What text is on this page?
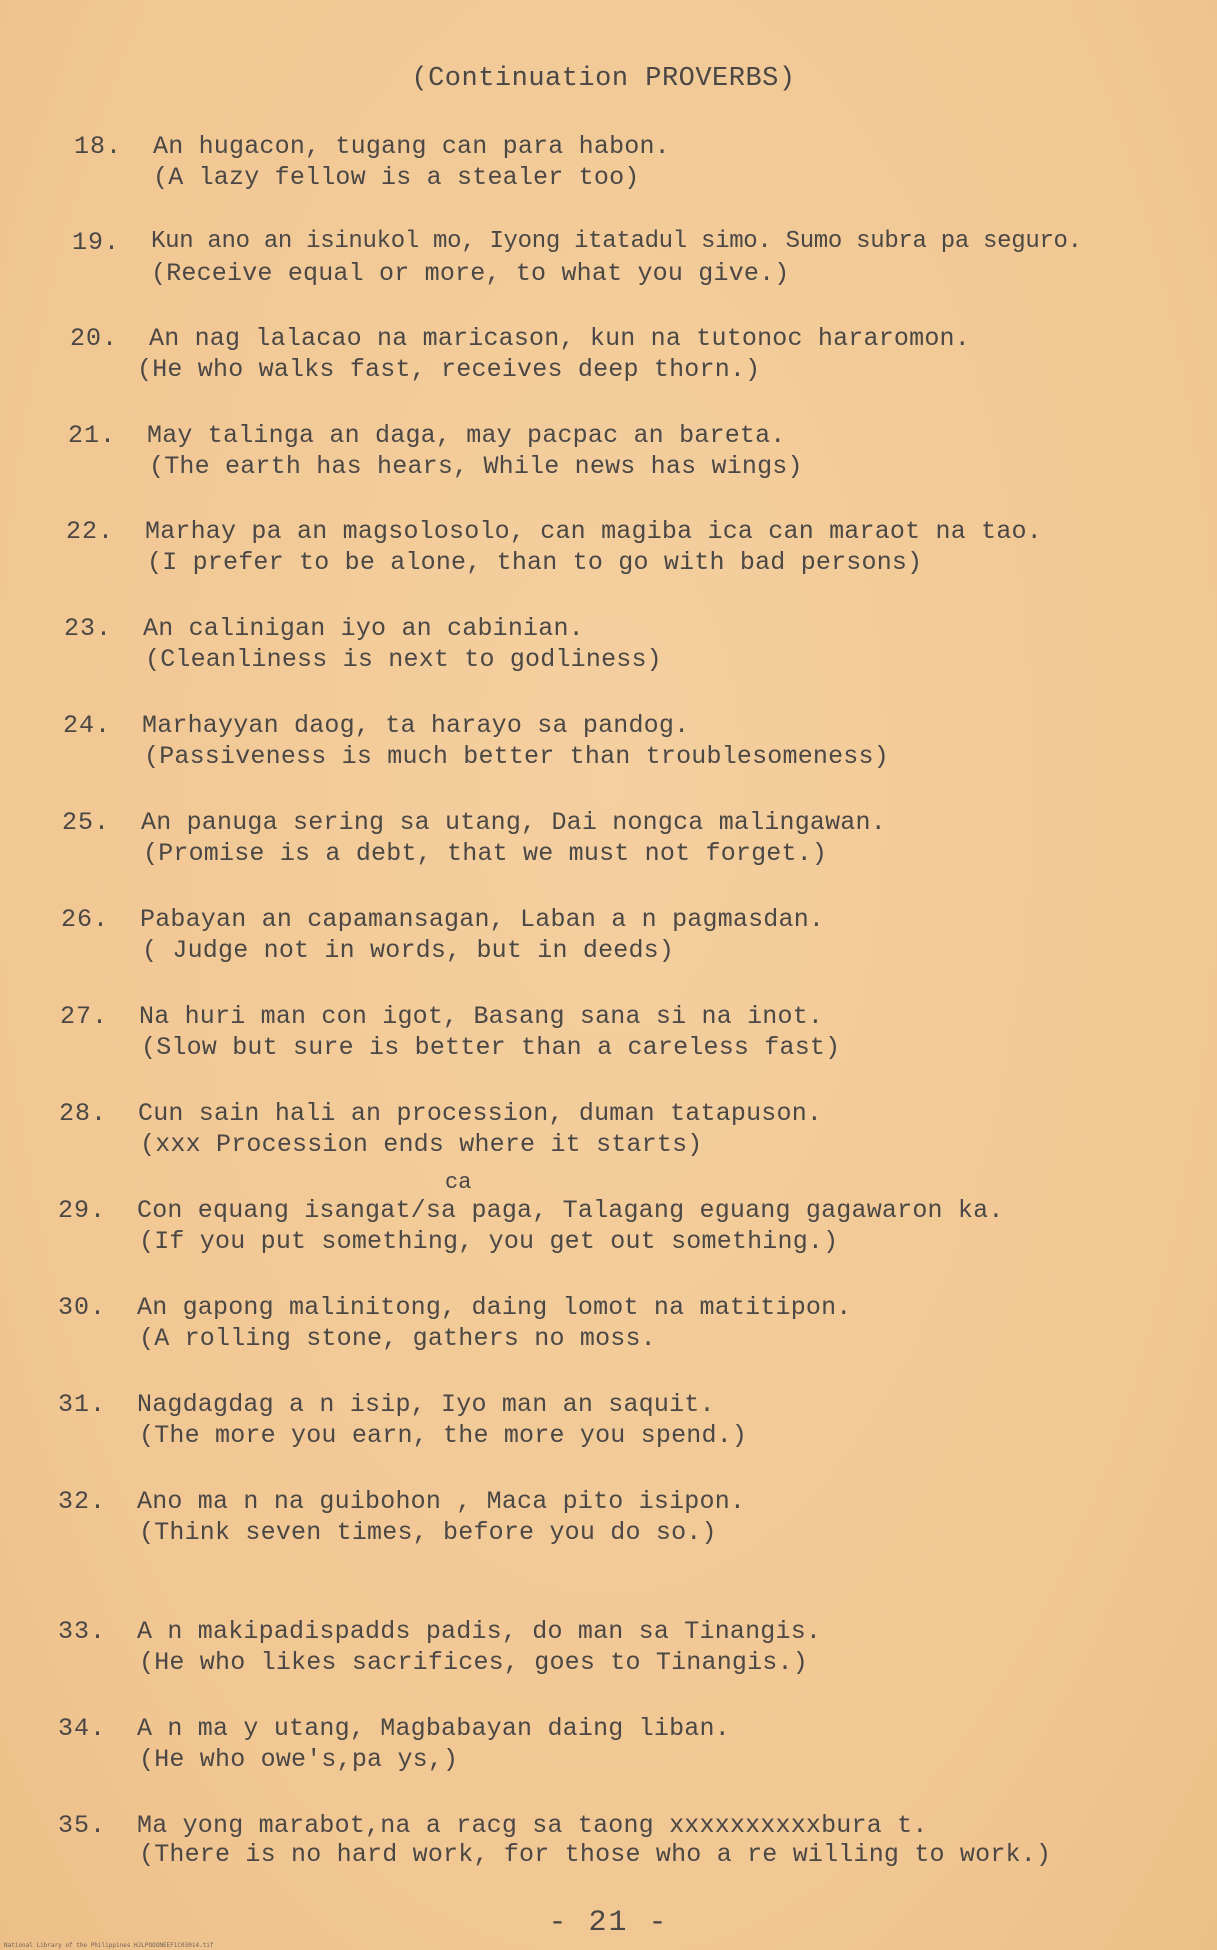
(Continuation PROVERBS)
18. An hugacon, tugang can para habon.
(A lazy fellow is a stealer too)
19. Kun ano an isinukol mo, Iyong itatadul simo. Sumo subra pa seguro.
(Receive equal or more, to what you give.)
20. An nag lalacao na maricason, kun na tutonoc hararomon.
(He who walks fast, receives deep thorn.)
21. May talinga an daga, may pacpac an bareta.
(The earth has hears, While news has wings)
22. Marhay pa an magsolosolo, can magiba ica can maraot na tao.
(I prefer to be alone, than to go with bad persons)
23. An calinigan iyo an cabinian.
(Cleanliness is next to godliness)
24. Marhayyan daog, ta harayo sa pandog.
(Passiveness is much better than troublesomeness)
25. An panuga sering sa utang, Dai nongca malingawan.
(Promise is a debt, that we must not forget.)
26. Pabayan an capamansagan, Laban a n pagmasdan.
( Judge not in words, but in deeds)
27. Na huri man con igot, Basang sana si na inot.
(Slow but sure is better than a careless fast)
28. Cun sain hali an procession, duman tatapuson.
(xxx Procession ends where it starts)
ca
29. Con equang isangat/sa paga, Talagang eguang gagawaron ka.
(If you put something, you get out something.)
30. An gapong malinitong, daing lomot na matitipon.
(A rolling stone, gathers no moss.
31. Nagdagdag a n isip, Iyo man an saquit.
(The more you earn, the more you spend.)
32. Ano ma n na guibohon , Maca pito isipon.
(Think seven times, before you do so.)
33. A n makipadispadds padis, do man sa Tinangis.
(He who likes sacrifices, goes to Tinangis.)
34. A n ma y utang, Magbabayan daing liban.
(He who owe's,pa ys,)
35. Ma yong marabot,na a racg sa taong xxxxxxxxxxbura t.
(There is no hard work, for those who a re willing to work.)
- 21 -
National Library of the Philippines HJLPOOONEEF1C03014.tif
